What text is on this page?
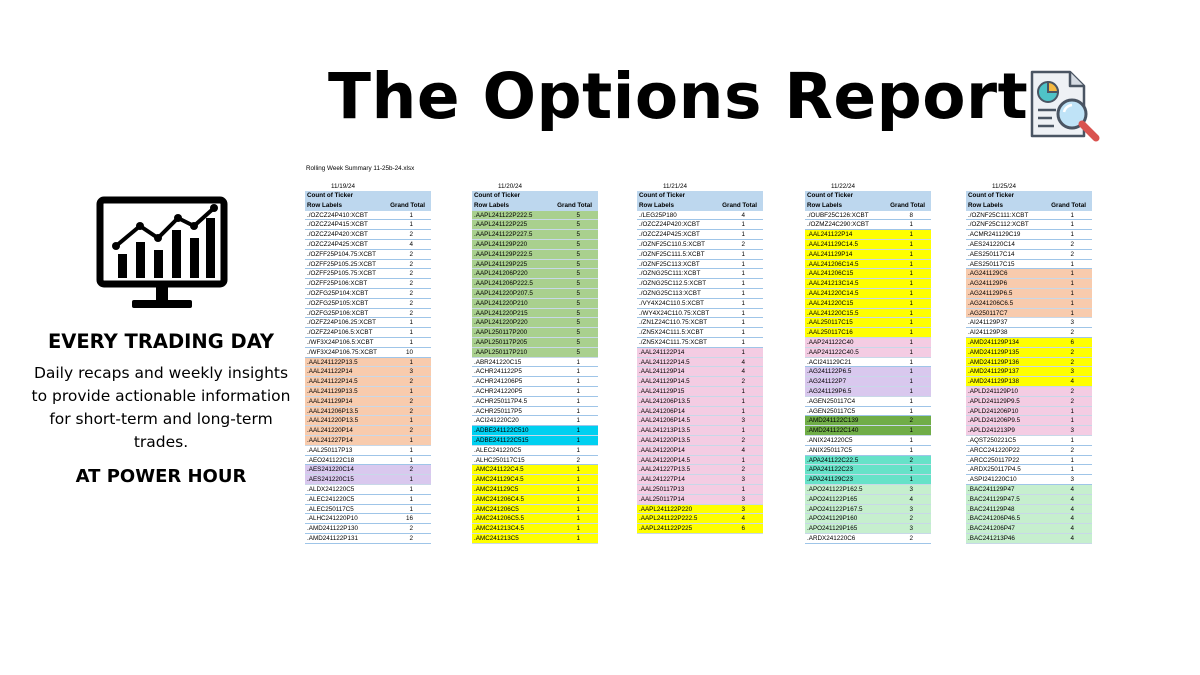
The Options Report
EVERY TRADING DAY
Daily recaps and weekly insights to provide actionable information for short-term and long-term trades.
AT POWER HOUR
Rolling Week Summary 11-25b-24.xlsx
11/19/24
Count of Ticker
Row Labels	Grand Total
./OZCZ24P410:XCBT	1
./OZCZ24P415:XCBT	1
./OZCZ24P420:XCBT	2
./OZCZ24P425:XCBT	4
./OZFF25P104.75:XCBT	2
./OZFF25P105.25:XCBT	2
./OZFF25P105.75:XCBT	2
./OZFF25P106:XCBT	2
./OZFG25P104:XCBT	2
./OZFG25P105:XCBT	2
./OZFG25P106:XCBT	2
./OZFZ24P106.25:XCBT	1
./OZFZ24P106.5:XCBT	1
./WF3X24P106.5:XCBT	1
./WF3X24P106.75:XCBT	10
.AAL241122P13.5	1
.AAL241122P14	3
.AAL241122P14.5	2
.AAL241129P13.5	1
.AAL241129P14	2
.AAL241206P13.5	2
.AAL241220P13.5	1
.AAL241220P14	2
.AAL241227P14	1
.AAL250117P13	1
.AEO241122C18	1
.AES241220C14	2
.AES241220C15	1
.ALDX241220C5	1
.ALEC241220C5	1
.ALEC250117C5	1
.ALHC241220P10	16
.AMD241122P130	2
.AMD241122P131	2
11/20/24
Count of Ticker
Row Labels	Grand Total
.AAPL241122P222.5	5
.AAPL241122P225	5
.AAPL241122P227.5	5
.AAPL241129P220	5
.AAPL241129P222.5	5
.AAPL241129P225	5
.AAPL241206P220	5
.AAPL241206P222.5	5
.AAPL241220P207.5	5
.AAPL241220P210	5
.AAPL241220P215	5
.AAPL241220P220	5
.AAPL250117P200	5
.AAPL250117P205	5
.AAPL250117P210	5
.ABR241220C15	1
.ACHR241122P5	1
.ACHR241206P5	1
.ACHR241220P5	1
.ACHR250117P4.5	1
.ACHR250117P5	1
.ACI241220C20	1
.ADBE241122C510	1
.ADBE241122C515	1
.ALEC241220C5	1
.ALHC250117C15	2
.AMC241122C4.5	1
.AMC241129C4.5	1
.AMC241129C5	1
.AMC241206C4.5	1
.AMC241206C5	1
.AMC241206C5.5	1
.AMC241213C4.5	1
.AMC241213C5	1
11/21/24
Count of Ticker
Row Labels	Grand Total
./LEG25P180	4
./OZCZ24P420:XCBT	1
./OZCZ24P425:XCBT	1
./OZNF25C110.5:XCBT	2
./OZNF25C111.5:XCBT	1
./OZNF25C113:XCBT	1
./OZNG25C111:XCBT	1
./OZNG25C112.5:XCBT	1
./OZNG25C113:XCBT	1
./VY4X24C110.5:XCBT	1
./WY4X24C110.75:XCBT	1
./ZN1Z24C110.75:XCBT	1
./ZN5X24C111.5:XCBT	1
./ZN5X24C111.75:XCBT	1
.AAL241122P14	1
.AAL241122P14.5	4
.AAL241129P14	4
.AAL241129P14.5	2
.AAL241129P15	1
.AAL241206P13.5	1
.AAL241206P14	1
.AAL241206P14.5	3
.AAL241213P13.5	1
.AAL241220P13.5	2
.AAL241220P14	4
.AAL241220P14.5	1
.AAL241227P13.5	2
.AAL241227P14	3
.AAL250117P13	1
.AAL250117P14	3
.AAPL241122P220	3
.AAPL241122P222.5	4
.AAPL241122P225	6
11/22/24
Count of Ticker
Row Labels	Grand Total
./OUBF25C126:XCBT	8
./OZMZ24C290:XCBT	1
.AAL241122P14	1
.AAL241129C14.5	1
.AAL241129P14	1
.AAL241206C14.5	1
.AAL241206C15	1
.AAL241213C14.5	1
.AAL241220C14.5	1
.AAL241220C15	1
.AAL241220C15.5	1
.AAL250117C15	1
.AAL250117C16	1
.AAP241122C40	1
.AAP241122C40.5	1
.ACI241129C21	1
.AG241122P6.5	1
.AG241122P7	1
.AG241129P6.5	1
.AGEN250117C4	1
.AGEN250117C5	1
.AMD241122C139	2
.AMD241122C140	1
.ANIX241220C5	1
.ANIX250117C5	1
.APA241122C22.5	2
.APA241122C23	1
.APA241129C23	1
.APO241122P162.5	3
.APO241122P165	4
.APO241122P167.5	3
.APO241129P160	2
.APO241129P165	3
.ARDX241220C6	2
11/25/24
Count of Ticker
Row Labels	Grand Total
./OZNF25C111:XCBT	1
./OZNF25C112:XCBT	1
.ACMR241129C19	1
.AES241220C14	2
.AES250117C14	2
.AES250117C15	1
.AG241129C6	1
.AG241129P6	1
.AG241129P6.5	1
.AG241206C6.5	1
.AG250117C7	1
.AI241129P37	3
.AI241129P38	2
.AMD241129P134	6
.AMD241129P135	2
.AMD241129P136	2
.AMD241129P137	3
.AMD241129P138	4
.APLD241129P10	2
.APLD241129P9.5	2
.APLD241206P10	1
.APLD241206P9.5	1
.APLD241213P9	3
.AQST250221C5	1
.ARCC241220P22	2
.ARCC250117P22	1
.ARDX250117P4.5	1
.ASPI241220C10	3
.BAC241129P47	4
.BAC241129P47.5	4
.BAC241129P48	4
.BAC241206P46.5	4
.BAC241206P47	4
.BAC241213P46	4
